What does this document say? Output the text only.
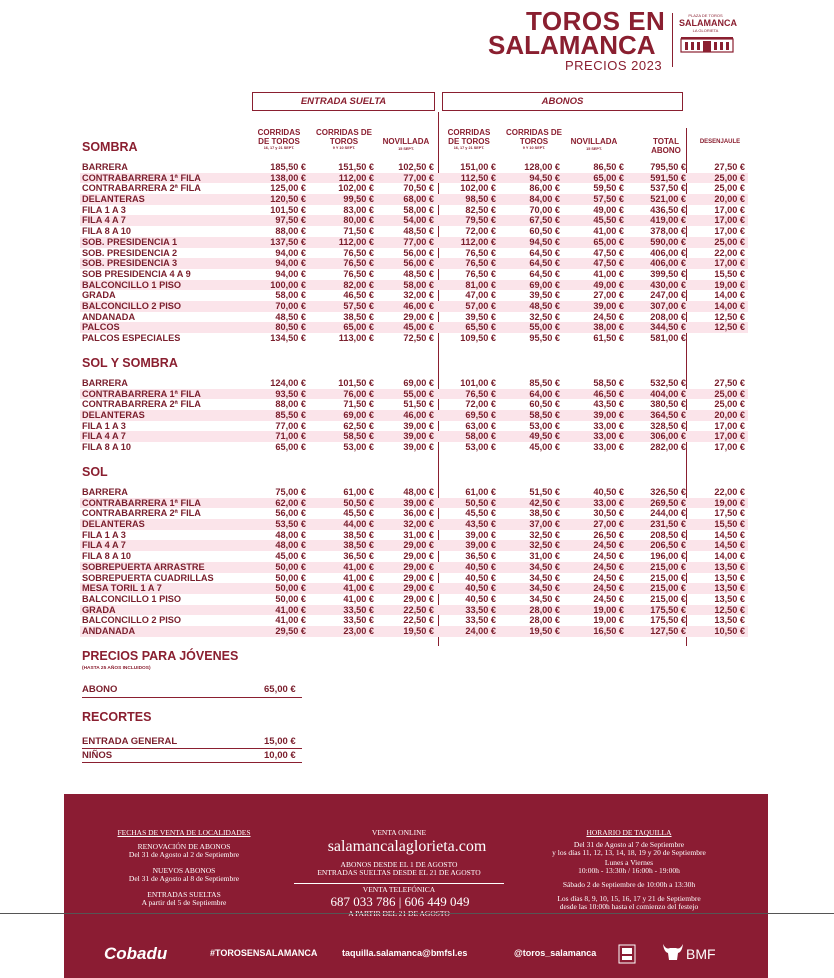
TOROS EN
SALAMANCA
PRECIOS 2023
PLAZA DE TOROS
SALAMANCA
LA GLORIETA
ENTRADA SUELTA	ABONOS
CORRIDAS DE TOROS
16, 17 y 21 SEPT.
CORRIDAS DE TOROS
9 Y 10 SEPT.
NOVILLADA
15 SEPT.
CORRIDAS DE TOROS
16, 17 y 21 SEPT.
CORRIDAS DE TOROS
9 Y 10 SEPT.
NOVILLADA
15 SEPT.
TOTAL ABONO
DESENJAULE
SOMBRA
SOL Y SOMBRA
SOL
BARRERA	185,50 €	151,50 €	102,50 €	151,00 €	128,00 €	86,50 €	795,50 €	27,50 €
CONTRABARRERA 1ª FILA	138,00 €	112,00 €	77,00 €	112,50 €	94,50 €	65,00 €	591,50 €	25,00 €
CONTRABARRERA 2ª FILA	125,00 €	102,00 €	70,50 €	102,00 €	86,00 €	59,50 €	537,50 €	25,00 €
DELANTERAS	120,50 €	99,50 €	68,00 €	98,50 €	84,00 €	57,50 €	521,00 €	20,00 €
FILA 1 A 3	101,50 €	83,00 €	58,00 €	82,50 €	70,00 €	49,00 €	436,50 €	17,00 €
FILA 4 A 7	97,50 €	80,00 €	54,00 €	79,50 €	67,50 €	45,50 €	419,00 €	17,00 €
FILA 8 A 10	88,00 €	71,50 €	48,50 €	72,00 €	60,50 €	41,00 €	378,00 €	17,00 €
SOB. PRESIDENCIA 1	137,50 €	112,00 €	77,00 €	112,00 €	94,50 €	65,00 €	590,00 €	25,00 €
SOB. PRESIDENCIA 2	94,00 €	76,50 €	56,00 €	76,50 €	64,50 €	47,50 €	406,00 €	22,00 €
SOB. PRESIDENCIA 3	94,00 €	76,50 €	56,00 €	76,50 €	64,50 €	47,50 €	406,00 €	17,00 €
SOB PRESIDENCIA 4 A 9	94,00 €	76,50 €	48,50 €	76,50 €	64,50 €	41,00 €	399,50 €	15,50 €
BALCONCILLO 1 PISO	100,00 €	82,00 €	58,00 €	81,00 €	69,00 €	49,00 €	430,00 €	19,00 €
GRADA	58,00 €	46,50 €	32,00 €	47,00 €	39,50 €	27,00 €	247,00 €	14,00 €
BALCONCILLO 2 PISO	70,00 €	57,50 €	46,00 €	57,00 €	48,50 €	39,00 €	307,00 €	14,00 €
ANDANADA	48,50 €	38,50 €	29,00 €	39,50 €	32,50 €	24,50 €	208,00 €	12,50 €
PALCOS	80,50 €	65,00 €	45,00 €	65,50 €	55,00 €	38,00 €	344,50 €	12,50 €
PALCOS ESPECIALES	134,50 €	113,00 €	72,50 €	109,50 €	95,50 €	61,50 €	581,00 €
BARRERA	124,00 €	101,50 €	69,00 €	101,00 €	85,50 €	58,50 €	532,50 €	27,50 €
CONTRABARRERA 1ª FILA	93,50 €	76,00 €	55,00 €	76,50 €	64,00 €	46,50 €	404,00 €	25,00 €
CONTRABARRERA 2ª FILA	88,00 €	71,50 €	51,50 €	72,00 €	60,50 €	43,50 €	380,50 €	25,00 €
DELANTERAS	85,50 €	69,00 €	46,00 €	69,50 €	58,50 €	39,00 €	364,50 €	20,00 €
FILA 1 A 3	77,00 €	62,50 €	39,00 €	63,00 €	53,00 €	33,00 €	328,50 €	17,00 €
FILA 4 A 7	71,00 €	58,50 €	39,00 €	58,00 €	49,50 €	33,00 €	306,00 €	17,00 €
FILA 8 A 10	65,00 €	53,00 €	39,00 €	53,00 €	45,00 €	33,00 €	282,00 €	17,00 €
BARRERA	75,00 €	61,00 €	48,00 €	61,00 €	51,50 €	40,50 €	326,50 €	22,00 €
CONTRABARRERA 1ª FILA	62,00 €	50,50 €	39,00 €	50,50 €	42,50 €	33,00 €	269,50 €	19,00 €
CONTRABARRERA 2ª FILA	56,00 €	45,50 €	36,00 €	45,50 €	38,50 €	30,50 €	244,00 €	17,50 €
DELANTERAS	53,50 €	44,00 €	32,00 €	43,50 €	37,00 €	27,00 €	231,50 €	15,50 €
FILA 1 A 3	48,00 €	38,50 €	31,00 €	39,00 €	32,50 €	26,50 €	208,50 €	14,50 €
FILA 4 A 7	48,00 €	38,50 €	29,00 €	39,00 €	32,50 €	24,50 €	206,50 €	14,50 €
FILA 8 A 10	45,00 €	36,50 €	29,00 €	36,50 €	31,00 €	24,50 €	196,00 €	14,00 €
SOBREPUERTA ARRASTRE	50,00 €	41,00 €	29,00 €	40,50 €	34,50 €	24,50 €	215,00 €	13,50 €
SOBREPUERTA CUADRILLAS	50,00 €	41,00 €	29,00 €	40,50 €	34,50 €	24,50 €	215,00 €	13,50 €
MESA TORIL 1 A 7	50,00 €	41,00 €	29,00 €	40,50 €	34,50 €	24,50 €	215,00 €	13,50 €
BALCONCILLO 1 PISO	50,00 €	41,00 €	29,00 €	40,50 €	34,50 €	24,50 €	215,00 €	13,50 €
GRADA	41,00 €	33,50 €	22,50 €	33,50 €	28,00 €	19,00 €	175,50 €	12,50 €
BALCONCILLO 2 PISO	41,00 €	33,50 €	22,50 €	33,50 €	28,00 €	19,00 €	175,50 €	13,50 €
ANDANADA	29,50 €	23,00 €	19,50 €	24,00 €	19,50 €	16,50 €	127,50 €	10,50 €
PRECIOS PARA JÓVENES
(HASTA 25 AÑOS INCLUIDOS)
ABONO	65,00 €
RECORTES
ENTRADA GENERAL	15,00 €
NIÑOS	10,00 €
FECHAS DE VENTA DE LOCALIDADES
RENOVACIÓN DE ABONOS
Del 31 de Agosto al 2 de Septiembre
NUEVOS ABONOS
Del 31 de Agosto al 8 de Septiembre
ENTRADAS SUELTAS
A partir del 5 de Septiembre
VENTA ONLINE
salamancalaglorieta.com
ABONOS DESDE EL 1 DE AGOSTO
ENTRADAS SUELTAS DESDE EL 21 DE AGOSTO
VENTA TELEFÓNICA
687 033 786 | 606 449 049
HORARIO DE TAQUILLA
Del 31 de Agosto al 7 de Septiembre
y los días 11, 12, 13, 14, 18, 19 y 20 de Septiembre
Lunes a Viernes
10:00h - 13:30h / 16:00h - 19:00h
Sábado 2 de Septiembre de 10:00h a 13:30h
Los días 8, 9, 10, 15, 16, 17 y 21 de Septiembre
desde las 10:00h hasta el comienzo del festejo
Cobadu	#TOROSENSALAMANCA	taquilla.salamanca@bmfsl.es	@toros_salamanca	BMF
